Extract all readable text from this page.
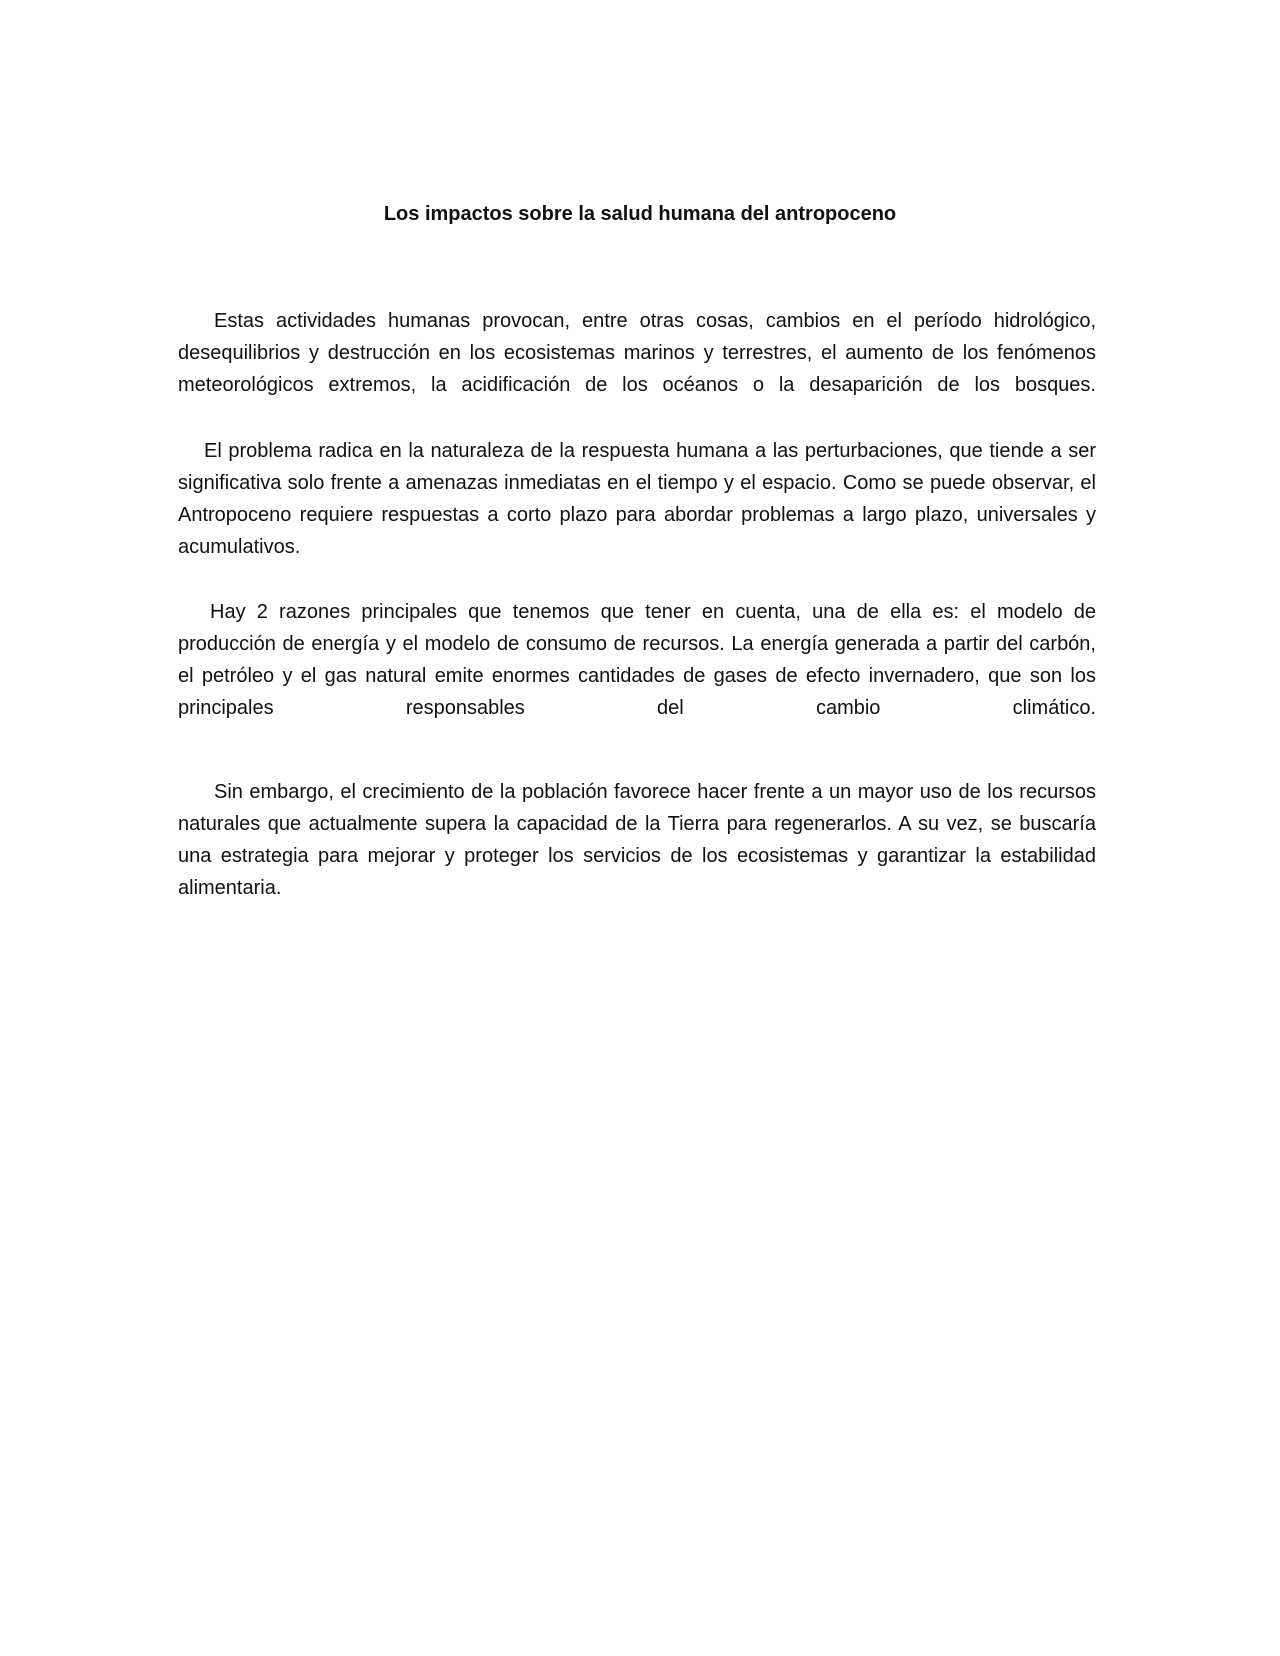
Los impactos sobre la salud humana del antropoceno

Estas actividades humanas provocan, entre otras cosas, cambios en el período hidrológico, desequilibrios y destrucción en los ecosistemas marinos y terrestres, el aumento de los fenómenos meteorológicos extremos, la acidificación de los océanos o la desaparición de los bosques.

El problema radica en la naturaleza de la respuesta humana a las perturbaciones, que tiende a ser significativa solo frente a amenazas inmediatas en el tiempo y el espacio. Como se puede observar, el Antropoceno requiere respuestas a corto plazo para abordar problemas a largo plazo, universales y acumulativos.

Hay 2 razones principales que tenemos que tener en cuenta, una de ella es: el modelo de producción de energía y el modelo de consumo de recursos. La energía generada a partir del carbón, el petróleo y el gas natural emite enormes cantidades de gases de efecto invernadero, que son los principales responsables del cambio climático.

Sin embargo, el crecimiento de la población favorece hacer frente a un mayor uso de los recursos naturales que actualmente supera la capacidad de la Tierra para regenerarlos. A su vez, se buscaría una estrategia para mejorar y proteger los servicios de los ecosistemas y garantizar la estabilidad alimentaria.
